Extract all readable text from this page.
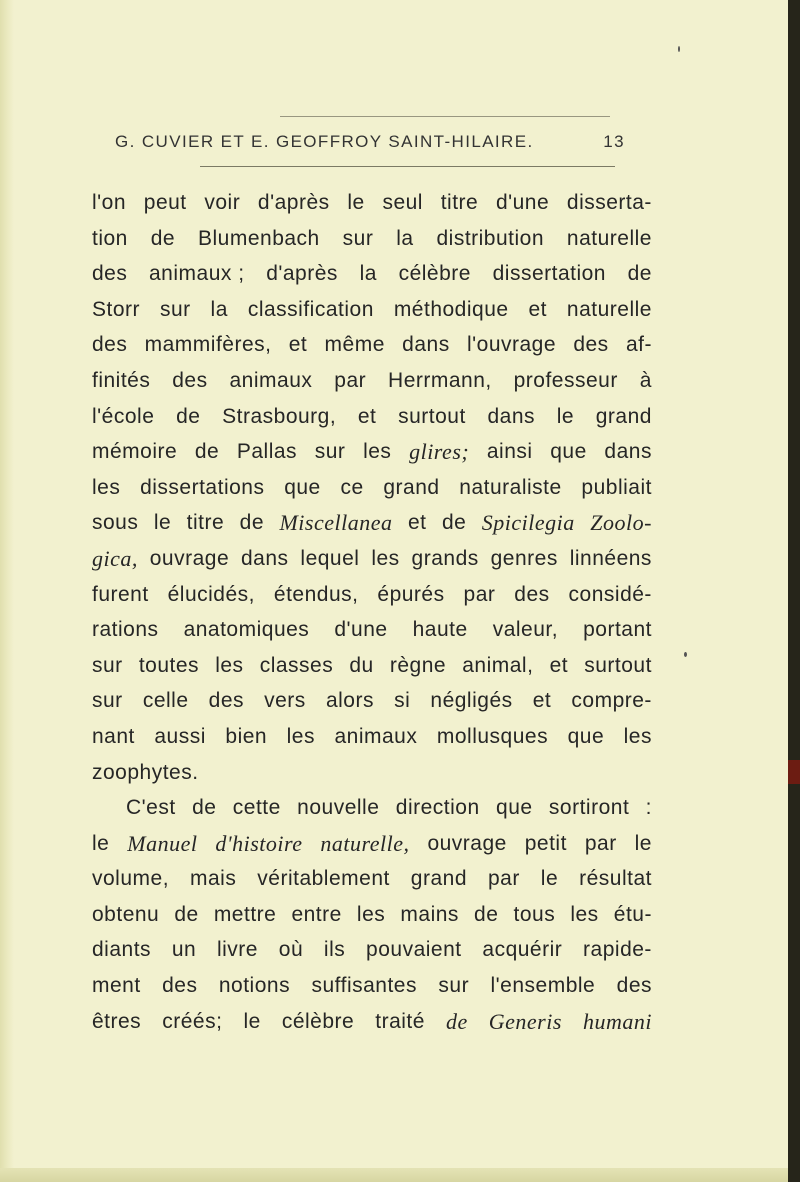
G. CUVIER ET E. GEOFFROY SAINT-HILAIRE.	13
l'on peut voir d'après le seul titre d'une disserta-
tion de Blumenbach sur la distribution naturelle
des animaux ; d'après la célèbre dissertation de
Storr sur la classification méthodique et naturelle
des mammifères, et même dans l'ouvrage des af-
finités des animaux par Herrmann, professeur à
l'école de Strasbourg, et surtout dans le grand
mémoire de Pallas sur les glires; ainsi que dans
les dissertations que ce grand naturaliste publiait
sous le titre de Miscellanea et de Spicilegia Zoolo-
gica, ouvrage dans lequel les grands genres linnéens
furent élucidés, étendus, épurés par des considé-
rations anatomiques d'une haute valeur, portant
sur toutes les classes du règne animal, et surtout
sur celle des vers alors si négligés et compre-
nant aussi bien les animaux mollusques que les
zoophytes.
C'est de cette nouvelle direction que sortiront :
le Manuel d'histoire naturelle, ouvrage petit par le
volume, mais véritablement grand par le résultat
obtenu de mettre entre les mains de tous les étu-
diants un livre où ils pouvaient acquérir rapide-
ment des notions suffisantes sur l'ensemble des
êtres créés; le célèbre traité de Generis humani
